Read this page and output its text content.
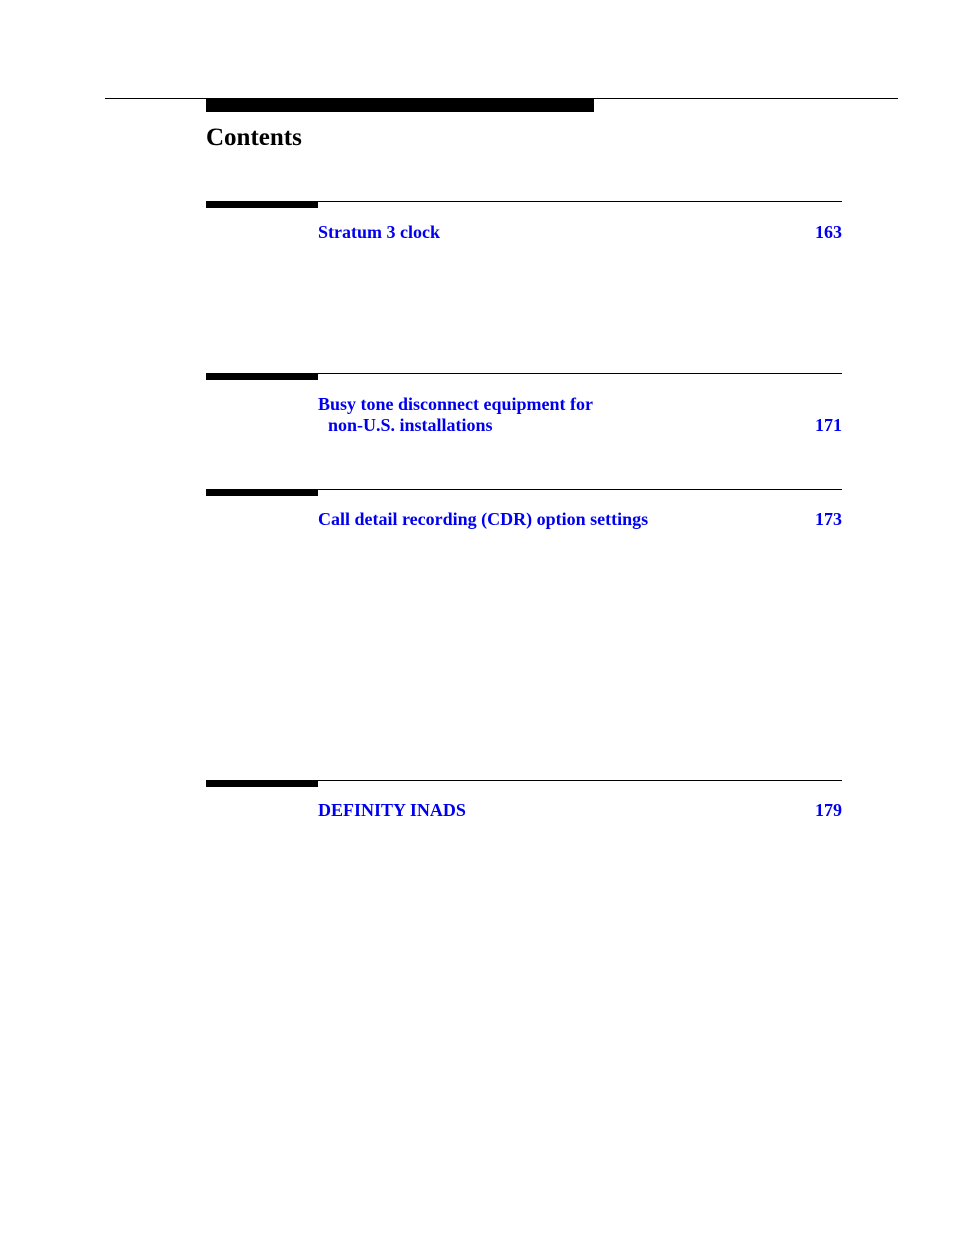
Contents
Stratum 3 clock	163
Busy tone disconnect equipment for
non-U.S. installations	171
Call detail recording (CDR) option settings	173
DEFINITY INADS	179
